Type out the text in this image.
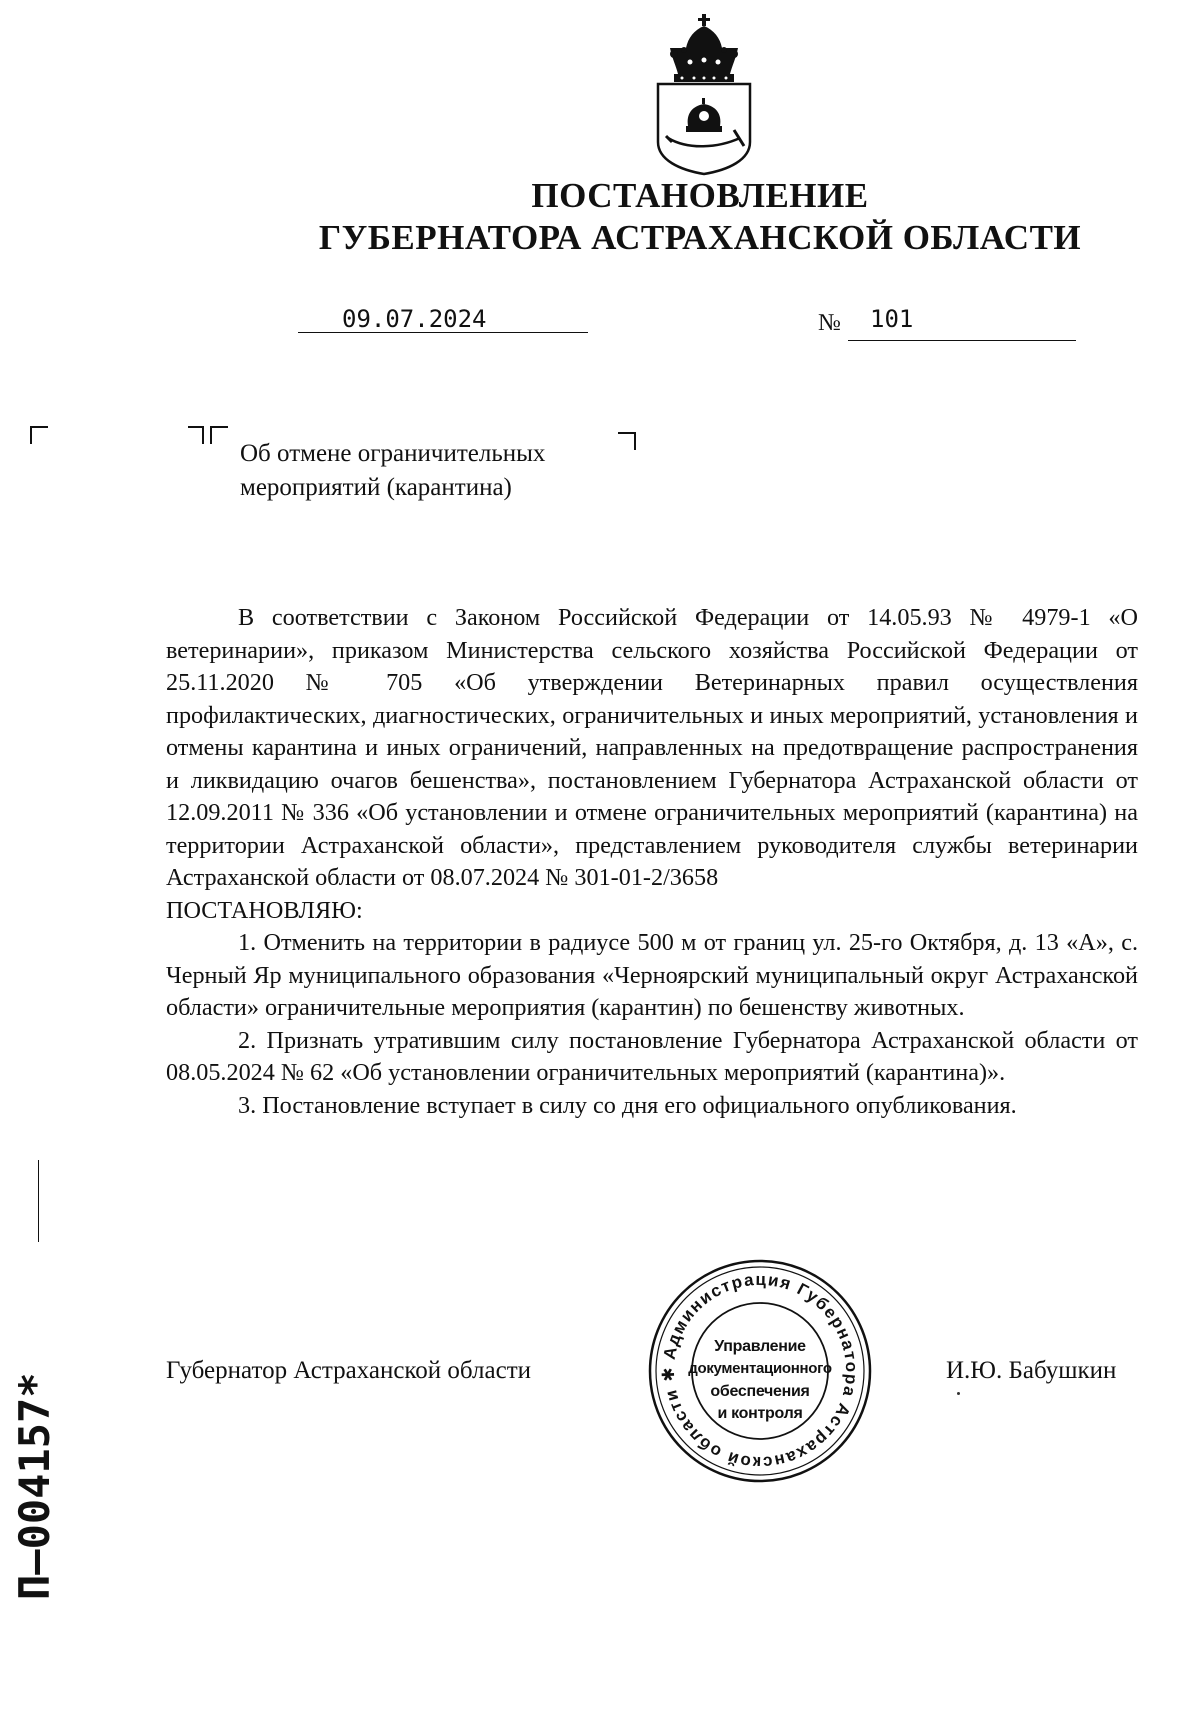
ПОСТАНОВЛЕНИЕ
ГУБЕРНАТОРА АСТРАХАНСКОЙ ОБЛАСТИ
09.07.2024	№ 101
Об отмене ограничительных
мероприятий (карантина)

В соответствии с Законом Российской Федерации от 14.05.93 № 4979-1 «О ветеринарии», приказом Министерства сельского хозяйства Российской Федерации от 25.11.2020 № 705 «Об утверждении Ветеринарных правил осуществления профилактических, диагностических, ограничительных и иных мероприятий, установления и отмены карантина и иных ограничений, направленных на предотвращение распространения и ликвидацию очагов бешенства», постановлением Губернатора Астраханской области от 12.09.2011 № 336 «Об установлении и отмене ограничительных мероприятий (карантина) на территории Астраханской области», представлением руководителя службы ветеринарии Астраханской области от 08.07.2024 № 301-01-2/3658

ПОСТАНОВЛЯЮ:

1. Отменить на территории в радиусе 500 м от границ ул. 25-го Октября, д. 13 «А», с. Черный Яр муниципального образования «Черноярский муниципальный округ Астраханской области» ограничительные мероприятия (карантин) по бешенству животных.

2. Признать утратившим силу постановление Губернатора Астраханской области от 08.05.2024 № 62 «Об установлении ограничительных мероприятий (карантина)».

3. Постановление вступает в силу со дня его официального опубликования.

Губернатор Астраханской области	И.Ю. Бабушкин
Администрация Губернатора Астраханской области ✱
Управление
документационного
обеспечения
и контроля
П–004157*
